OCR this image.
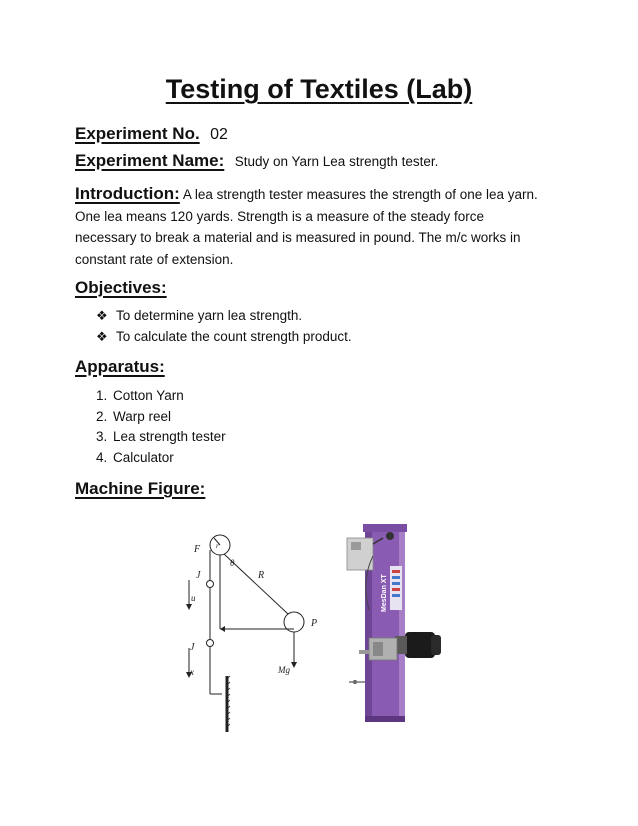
Testing of Textiles (Lab)
Experiment No. 02
Experiment Name: Study on Yarn Lea strength tester.
Introduction: A lea strength tester measures the strength of one lea yarn. One lea means 120 yards. Strength is a measure of the steady force necessary to break a material and is measured in pound. The m/c works in constant rate of extension.
Objectives:
❖ To determine yarn lea strength.
❖ To calculate the count strength product.
Apparatus:
1. Cotton Yarn
2. Warp reel
3. Lea strength tester
4. Calculator
Machine Figure:
F r
θ
R
J
u
J
x
P
Mg
MesDan XT
